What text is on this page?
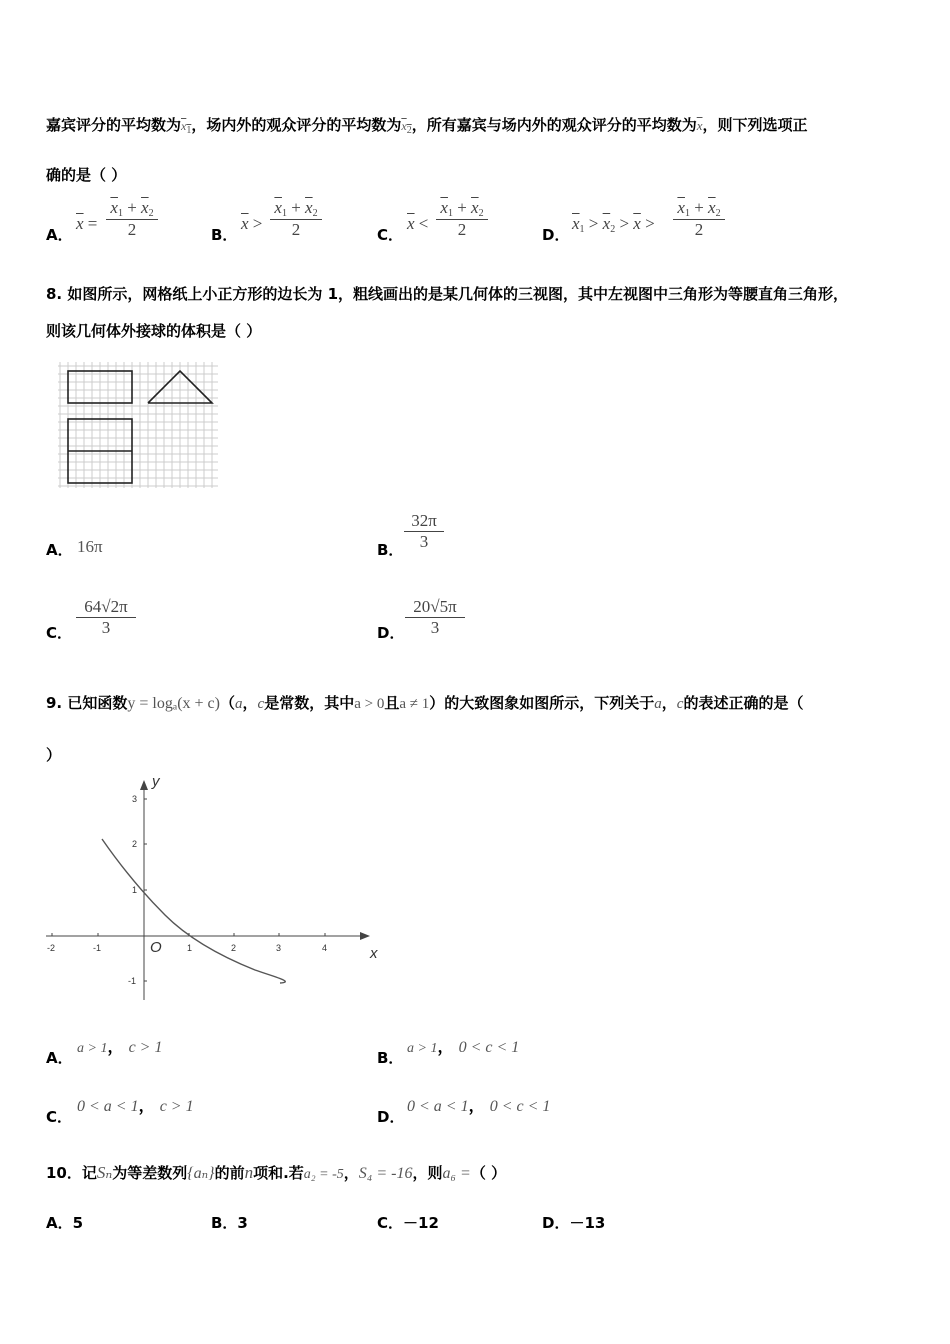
嘉宾评分的平均数为$x_1$，场内外的观众评分的平均数为$x_2$，所有嘉宾与场内外的观众评分的平均数为$\overline{x}$，则下列选项正
确的是（ ）
A．
$\overline{x} = \frac{\overline{x}_1 + \overline{x}_2}{2}$	B．
$\overline{x} > \frac{\overline{x}_1 + \overline{x}_2}{2}$	C．
$\overline{x} < \frac{\overline{x}_1 + \overline{x}_2}{2}$	D．
$\overline{x}_1 > \overline{x}_2 > \overline{x} > \frac{\overline{x}_1 + \overline{x}_2}{2}$
8. 如图所示，网格纸上小正方形的边长为 1，粗线画出的是某几何体的三视图，其中左视图中三角形为等腰直角三角形，
则该几何体外接球的体积是（ ）
A． 16π	B． $\frac{32\pi}{3}$
C． $\frac{64√2\pi}{3}$	D． $\frac{20√5\pi}{3}$
9. 已知函数y = logₐ(x + c)（a，c是常数，其中a > 0且a ≠ 1）的大致图象如图所示，下列关于a，c的表述正确的是（
）
-2	-1	1	2	3	4
3
2
1
-1
O
y
x
A．
a > 1， c > 1
B．
a > 1， 0 < c < 1
C．
0 < a < 1， c > 1
D．
0 < a < 1， 0 < c < 1
10．记Sₙ为等差数列{aₙ}的前n项和.若a₂ = -5，S₄ = -16，则a₆ =（ ）
A．5	B．3	C．－12	D．－13
